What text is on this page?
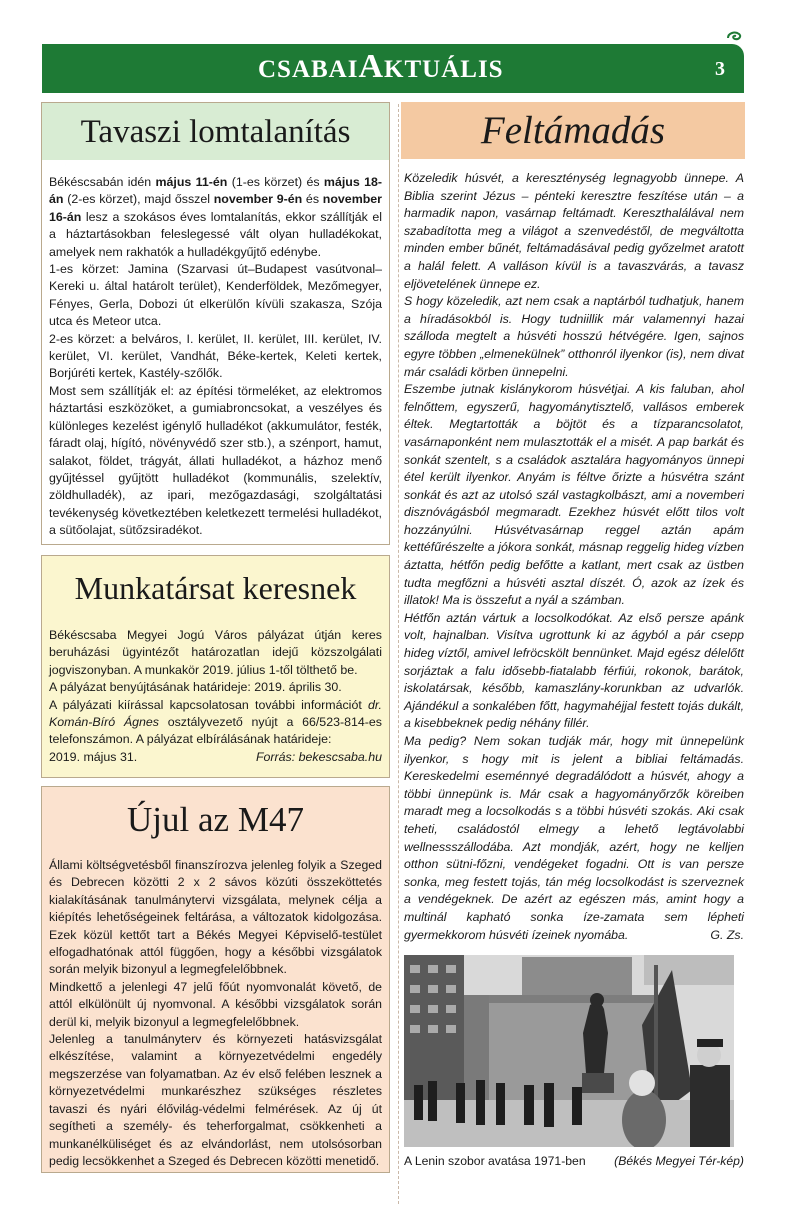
CSABAIAKTUÁLIS	3
Tavaszi lomtalanítás

Békéscsabán idén május 11-én (1-es körzet) és május 18-án (2-es körzet), majd ősszel november 9-én és november 16-án lesz a szokásos éves lomtalanítás, ekkor szállítják el a háztartásokban feleslegessé vált olyan hulladékokat, amelyek nem rakhatók a hulladékgyűjtő edénybe.

1-es körzet: Jamina (Szarvasi út–Budapest vasútvonal–Kereki u. által határolt terület), Kenderföldek, Mezőmegyer, Fényes, Gerla, Dobozi út elkerülőn kívüli szakasza, Szója utca és Meteor utca.

2-es körzet: a belváros, I. kerület, II. kerület, III. kerület, IV. kerület, VI. kerület, Vandhát, Béke-kertek, Keleti kertek, Borjúréti kertek, Kastély-szőlők.

Most sem szállítják el: az építési törmeléket, az elektromos háztartási eszközöket, a gumiabroncsokat, a veszélyes és különleges kezelést igénylő hulladékot (akkumulátor, festék, fáradt olaj, hígító, növényvédő szer stb.), a szénport, hamut, salakot, földet, trágyát, állati hulladékot, a házhoz menő gyűjtéssel gyűjtött hulladékot (kommunális, szelektív, zöldhulladék), az ipari, mezőgazdasági, szolgáltatási tevékenység következtében keletkezett termelési hulladékot, a sütőolajat, sütőzsiradékot.

Munkatársat keresnek

Békéscsaba Megyei Jogú Város pályázat útján keres beruházási ügyintézőt határozatlan idejű közszolgálati jogviszonyban. A munkakör 2019. július 1-től tölthető be.

A pályázat benyújtásának határideje: 2019. április 30.

A pályázati kiírással kapcsolatosan további információt dr. Komán-Bíró Ágnes osztályvezető nyújt a 66/523-814-es telefonszámon. A pályázat elbírálásának határideje:

2019. május 31.	Forrás: bekescsaba.hu

Újul az M47

Állami költségvetésből finanszírozva jelenleg folyik a Szeged és Debrecen közötti 2 x 2 sávos közúti összeköttetés kialakításának tanulmánytervi vizsgálata, melynek célja a kiépítés lehetőségeinek feltárása, a változatok kidolgozása. Ezek közül kettőt tart a Békés Megyei Képviselő-testület elfogadhatónak attól függően, hogy a későbbi vizsgálatok során melyik bizonyul a legmegfelelőbbnek.

Mindkettő a jelenlegi 47 jelű főút nyomvonalát követő, de attól elkülönült új nyomvonal. A későbbi vizsgálatok során derül ki, melyik bizonyul a legmegfelelőbbnek.

Jelenleg a tanulmányterv és környezeti hatásvizsgálat elkészítése, valamint a környezetvédelmi engedély megszerzése van folyamatban. Az év első felében lesznek a környezetvédelmi munkarészhez szükséges részletes tavaszi és nyári élővilág-védelmi felmérések. Az új út segítheti a személy- és teherforgalmat, csökkenheti a munkanélküliséget és az elvándorlást, nem utolsósorban pedig lecsökkenhet a Szeged és Debrecen közötti menetidő.

Feltámadás

Közeledik húsvét, a kereszténység legnagyobb ünnepe. A Biblia szerint Jézus – pénteki keresztre feszítése után – a harmadik napon, vasárnap feltámadt. Kereszthalálával nem szabadította meg a világot a szenvedéstől, de megváltotta minden ember bűnét, feltámadásával pedig győzelmet aratott a halál felett. A valláson kívül is a tavaszvárás, a tavasz eljövetelének ünnepe ez.

S hogy közeledik, azt nem csak a naptárból tudhatjuk, hanem a híradásokból is. Hogy tudniillik már valamennyi hazai szálloda megtelt a húsvéti hosszú hétvégére. Igen, sajnos egyre többen „elmenekülnek” otthonról ilyenkor (is), nem divat már családi körben ünnepelni.

Eszembe jutnak kislánykorom húsvétjai. A kis faluban, ahol felnőttem, egyszerű, hagyománytisztelő, vallásos emberek éltek. Megtartották a böjtöt és a tízparancsolatot, vasárnaponként nem mulasztották el a misét. A pap barkát és sonkát szentelt, s a családok asztalára hagyományos ünnepi étel került ilyenkor. Anyám is féltve őrizte a húsvétra szánt sonkát és azt az utolsó szál vastagkolbászt, ami a novemberi disznóvágásból megmaradt. Ezekhez húsvét előtt tilos volt hozzányúlni. Húsvétvasárnap reggel aztán apám kettéfűrészelte a jókora sonkát, másnap reggelig hideg vízben áztatta, hétfőn pedig befőtte a katlant, mert csak az üstben tudta megfőzni a húsvéti asztal díszét. Ó, azok az ízek és illatok! Ma is összefut a nyál a számban.

Hétfőn aztán vártuk a locsolkodókat. Az első persze apánk volt, hajnalban. Visítva ugrottunk ki az ágyból a pár csepp hideg víztől, amivel lefröcskölt bennünket. Majd egész délelőtt sorjáztak a falu idősebb-fiatalabb férfiúi, rokonok, barátok, iskolatársak, később, kamaszlány-korunkban az udvarlók. Ajándékul a sonkalében főtt, hagymahéjjal festett tojás dukált, a kisebbeknek pedig néhány fillér.

Ma pedig? Nem sokan tudják már, hogy mit ünnepelünk ilyenkor, s hogy mit is jelent a bibliai feltámadás. Kereskedelmi eseménnyé degradálódott a húsvét, ahogy a többi ünnepünk is. Már csak a hagyományőrzők köreiben maradt meg a locsolkodás s a többi húsvéti szokás. Aki csak teheti, családostól elmegy a lehető legtávolabbi wellnessszállodába. Azt mondják, azért, hogy ne kelljen otthon sütni-főzni, vendégeket fogadni. Ott is van persze sonka, meg festett tojás, tán még locsolkodást is szerveznek a vendégeknek. De azért az egészen más, amint hogy a multinál kapható sonka íze-zamata sem lépheti gyermekkorom húsvéti ízeinek nyomába.	G. Zs.

A Lenin szobor avatása 1971-ben (Békés Megyei Tér-kép)
